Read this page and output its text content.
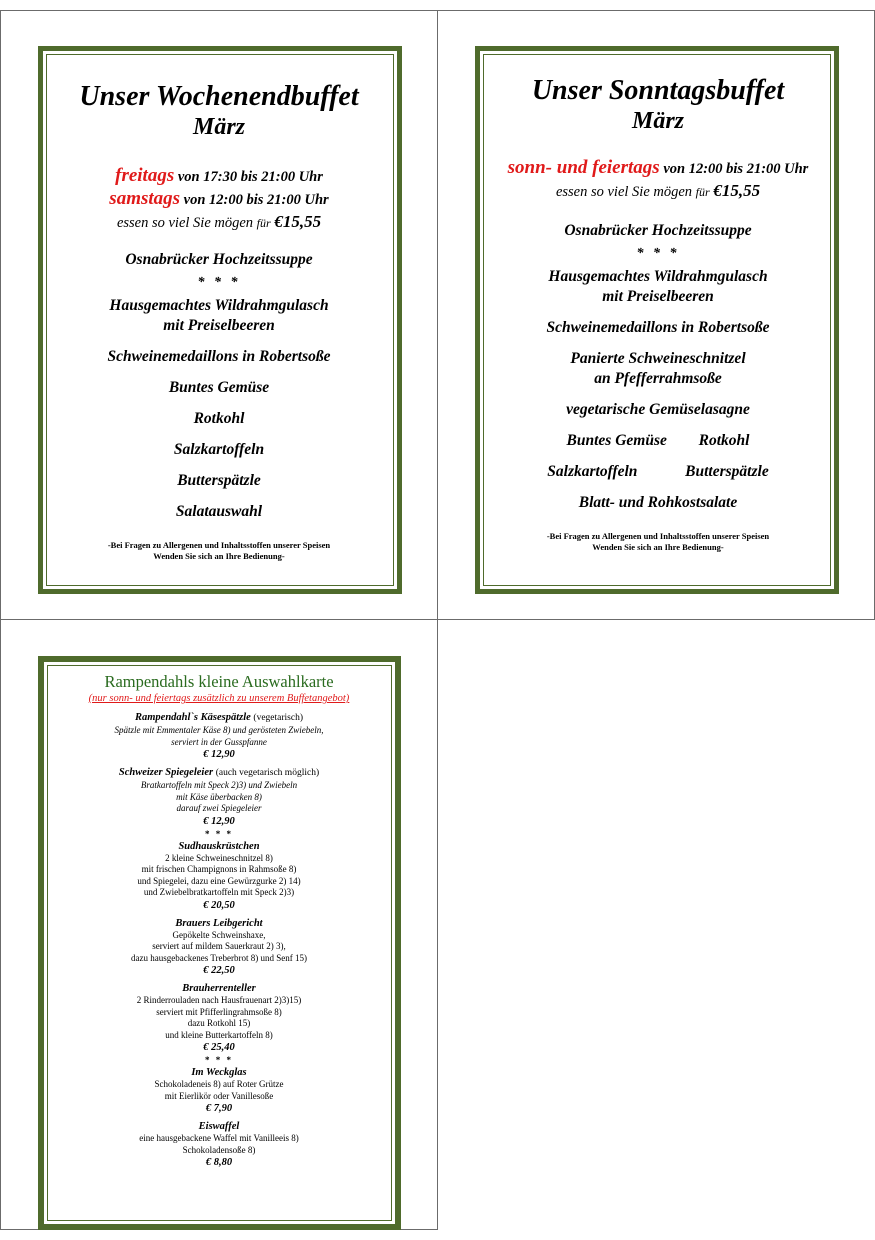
Unser Wochenendbuffet
März
freitags von 17:30 bis 21:00 Uhr
samstags von 12:00 bis 21:00 Uhr
essen so viel Sie mögen für €15,55
Osnabrücker Hochzeitssuppe
* * *
Hausgemachtes Wildrahmgulasch
mit Preiselbeeren
Schweinemedaillons in Robertsoße
Buntes Gemüse
Rotkohl
Salzkartoffeln
Butterspätzle
Salatauswahl
-Bei Fragen zu Allergenen und Inhaltsstoffen unserer Speisen
Wenden Sie sich an Ihre Bedienung-
Unser Sonntagsbuffet
März
sonn- und feiertags von 12:00 bis 21:00 Uhr
essen so viel Sie mögen für €15,55
Osnabrücker Hochzeitssuppe
* * *
Hausgemachtes Wildrahmgulasch
mit Preiselbeeren
Schweinemedaillons in Robertsoße
Panierte Schweineschnitzel
an Pfefferrahmsoße
vegetarische Gemüselasagne
Buntes Gemüse Rotkohl
Salzkartoffeln	Butterspätzle
Blatt- und Rohkostsalate
-Bei Fragen zu Allergenen und Inhaltsstoffen unserer Speisen
Wenden Sie sich an Ihre Bedienung-
Rampendahls kleine Auswahlkarte
(nur sonn- und feiertags zusätzlich zu unserem Buffetangebot)
Rampendahl`s Käsespätzle (vegetarisch)
Spätzle mit Emmentaler Käse 8) und gerösteten Zwiebeln,
serviert in der Gusspfanne
€ 12,90
Schweizer Spiegeleier (auch vegetarisch möglich)
Bratkartoffeln mit Speck 2)3) und Zwiebeln
mit Käse überbacken 8)
darauf zwei Spiegeleier
€ 12,90
* * *
Sudhauskrüstchen
2 kleine Schweineschnitzel 8)
mit frischen Champignons in Rahmsoße 8)
und Spiegelei, dazu eine Gewürzgurke 2) 14)
und Zwiebelbratkartoffeln mit Speck 2)3)
€ 20,50
Brauers Leibgericht
Gepökelte Schweinshaxe,
serviert auf mildem Sauerkraut 2) 3),
dazu hausgebackenes Treberbrot 8) und Senf 15)
€ 22,50
Brauherrenteller
2 Rinderrouladen nach Hausfrauenart 2)3)15)
serviert mit Pfifferlingrahmsoße 8)
dazu Rotkohl 15)
und kleine Butterkartoffeln 8)
€ 25,40
* * *
Im Weckglas
Schokoladeneis 8) auf Roter Grütze
mit Eierlikör oder Vanillesoße
€ 7,90
Eiswaffel
eine hausgebackene Waffel mit Vanilleeis 8)
Schokoladensoße 8)
€ 8,80
